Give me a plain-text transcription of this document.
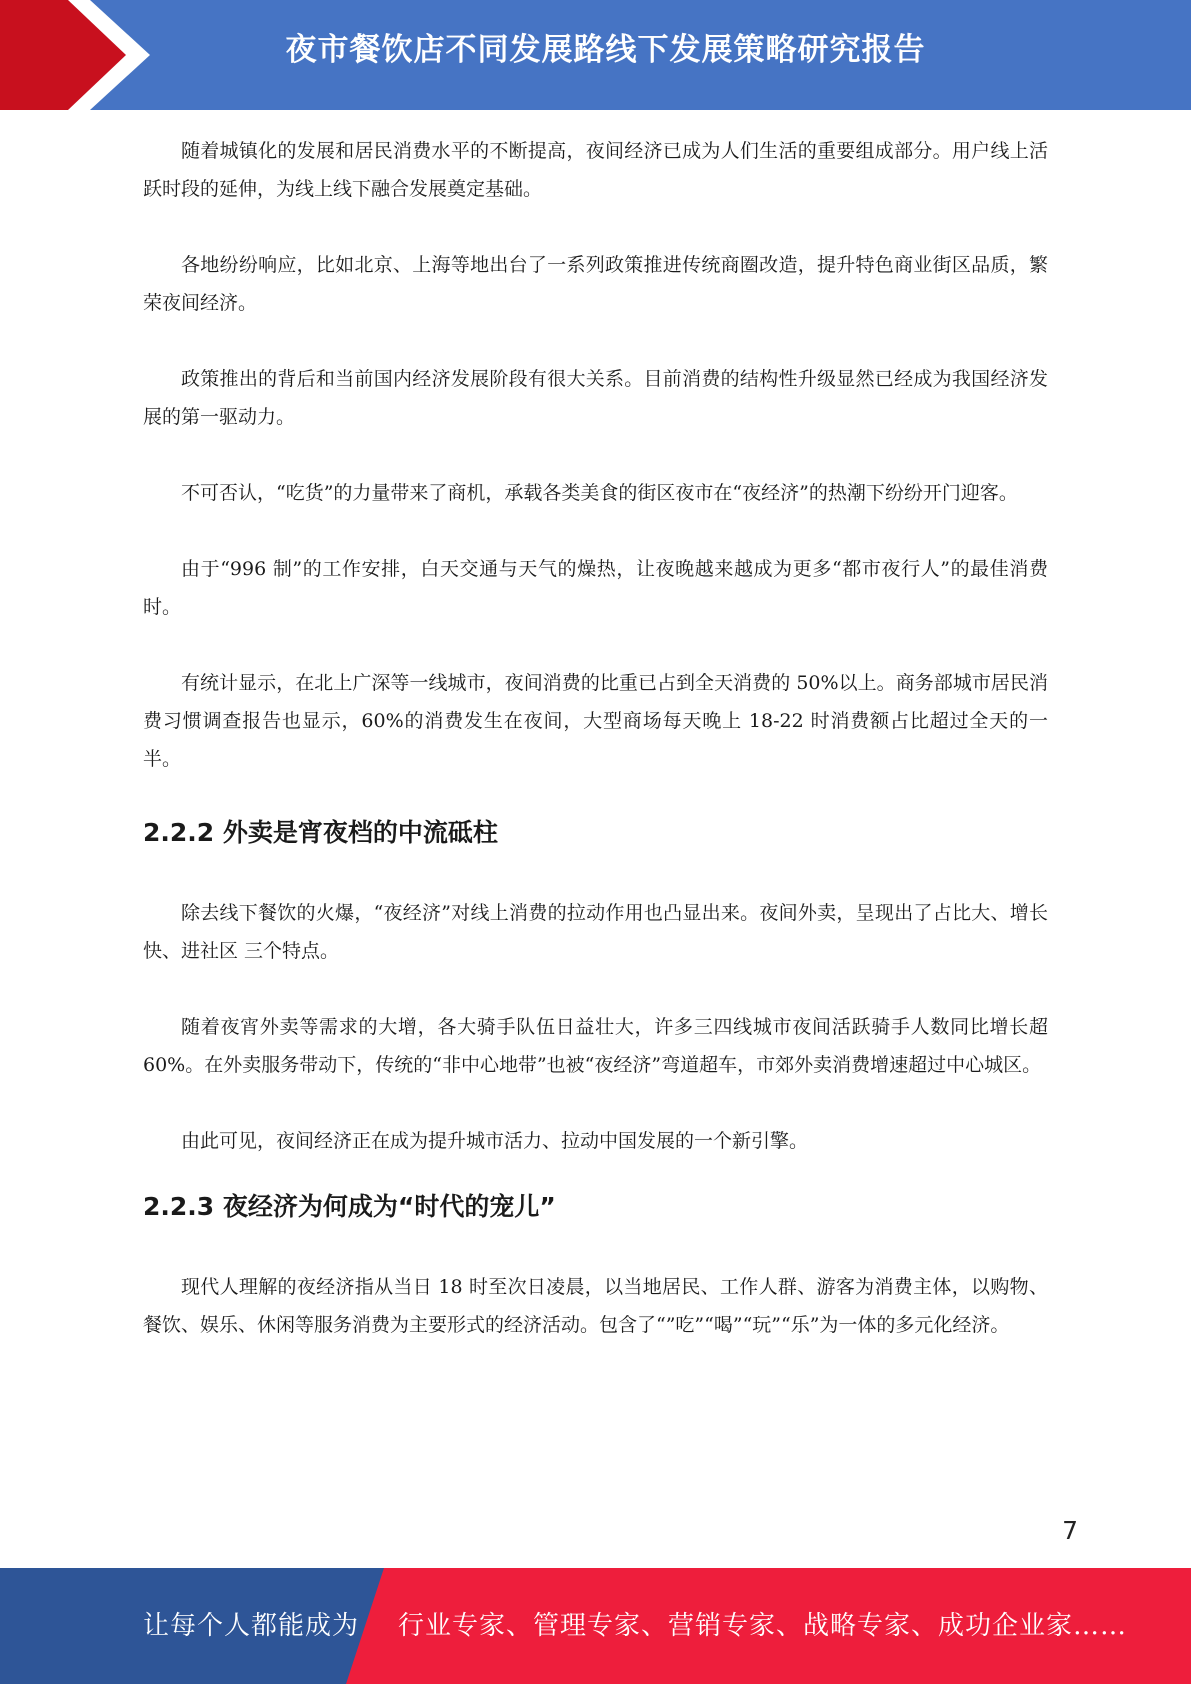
夜市餐饮店不同发展路线下发展策略研究报告

随着城镇化的发展和居民消费水平的不断提高，夜间经济已成为人们生活的重要组成部分。用户线上活跃时段的延伸，为线上线下融合发展奠定基础。

各地纷纷响应，比如北京、上海等地出台了一系列政策推进传统商圈改造，提升特色商业街区品质，繁荣夜间经济。

政策推出的背后和当前国内经济发展阶段有很大关系。目前消费的结构性升级显然已经成为我国经济发展的第一驱动力。

不可否认，“吃货”的力量带来了商机，承载各类美食的街区夜市在“夜经济”的热潮下纷纷开门迎客。

由于“996 制”的工作安排，白天交通与天气的燥热，让夜晚越来越成为更多“都市夜行人”的最佳消费时。

有统计显示，在北上广深等一线城市，夜间消费的比重已占到全天消费的 50%以上。商务部城市居民消费习惯调查报告也显示，60%的消费发生在夜间，大型商场每天晚上 18-22 时消费额占比超过全天的一半。

2.2.2 外卖是宵夜档的中流砥柱

除去线下餐饮的火爆，“夜经济”对线上消费的拉动作用也凸显出来。夜间外卖，呈现出了占比大、增长快、进社区 三个特点。

随着夜宵外卖等需求的大增，各大骑手队伍日益壮大，许多三四线城市夜间活跃骑手人数同比增长超 60%。在外卖服务带动下，传统的“非中心地带”也被“夜经济”弯道超车，市郊外卖消费增速超过中心城区。

由此可见，夜间经济正在成为提升城市活力、拉动中国发展的一个新引擎。

2.2.3 夜经济为何成为“时代的宠儿”

现代人理解的夜经济指从当日 18 时至次日凌晨，以当地居民、工作人群、游客为消费主体，以购物、餐饮、娱乐、休闲等服务消费为主要形式的经济活动。包含了“”吃”“喝”“玩”“乐”为一体的多元化经济。

7
让每个人都能成为 行业专家、管理专家、营销专家、战略专家、成功企业家……
